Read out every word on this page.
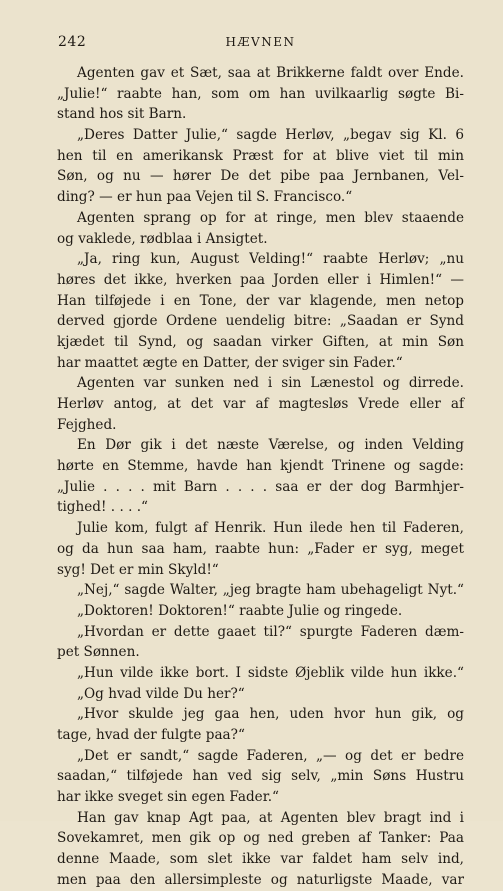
242	HÆVNEN
Agenten gav et Sæt, saa at Brikkerne faldt over Ende.
„Julie!“ raabte han, som om han uvilkaarlig søgte Bi-
stand hos sit Barn.
„Deres Datter Julie,“ sagde Herløv, „begav sig Kl. 6
hen til en amerikansk Præst for at blive viet til min
Søn, og nu — hører De det pibe paa Jernbanen, Vel-
ding? — er hun paa Vejen til S. Francisco.“
Agenten sprang op for at ringe, men blev staaende
og vaklede, rødblaa i Ansigtet.
„Ja, ring kun, August Velding!“ raabte Herløv; „nu
høres det ikke, hverken paa Jorden eller i Himlen!“ —
Han tilføjede i en Tone, der var klagende, men netop
derved gjorde Ordene uendelig bitre: „Saadan er Synd
kjædet til Synd, og saadan virker Giften, at min Søn
har maattet ægte en Datter, der sviger sin Fader.“
Agenten var sunken ned i sin Lænestol og dirrede.
Herløv antog, at det var af magtesløs Vrede eller af
Fejghed.
En Dør gik i det næste Værelse, og inden Velding
hørte en Stemme, havde han kjendt Trinene og sagde:
„Julie . . . . mit Barn . . . . saa er der dog Barmhjer-
tighed! . . . .“
Julie kom, fulgt af Henrik. Hun ilede hen til Faderen,
og da hun saa ham, raabte hun: „Fader er syg, meget
syg! Det er min Skyld!“
„Nej,“ sagde Walter, „jeg bragte ham ubehageligt Nyt.“
„Doktoren! Doktoren!“ raabte Julie og ringede.
„Hvordan er dette gaaet til?“ spurgte Faderen dæm-
pet Sønnen.
„Hun vilde ikke bort. I sidste Øjeblik vilde hun ikke.“
„Og hvad vilde Du her?“
„Hvor skulde jeg gaa hen, uden hvor hun gik, og
tage, hvad der fulgte paa?“
„Det er sandt,“ sagde Faderen, „— og det er bedre
saadan,“ tilføjede han ved sig selv, „min Søns Hustru
har ikke sveget sin egen Fader.“
Han gav knap Agt paa, at Agenten blev bragt ind i
Sovekamret, men gik op og ned greben af Tanker: Paa
denne Maade, som slet ikke var faldet ham selv ind,
men paa den allersimpleste og naturligste Maade, var
